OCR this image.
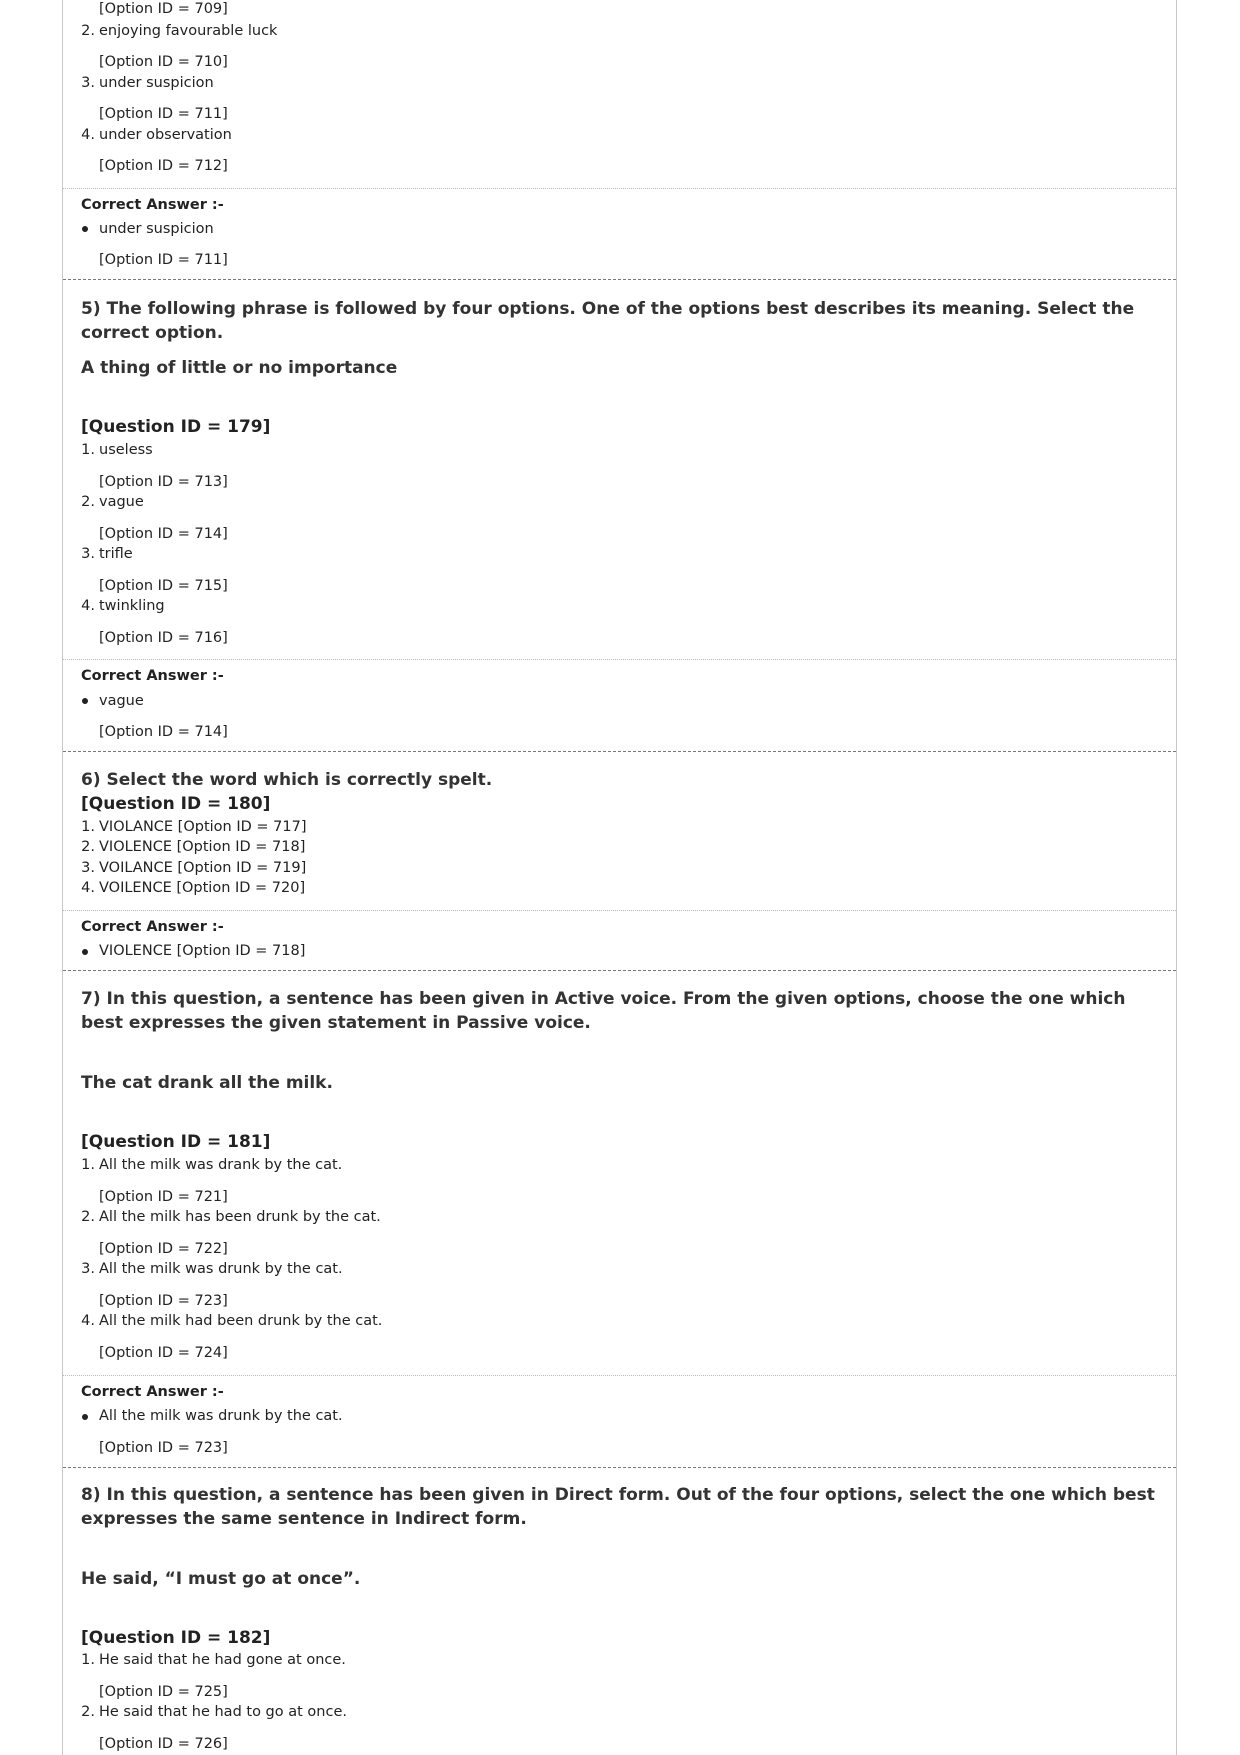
[Option ID = 709]
2. enjoying favourable luck
[Option ID = 710]
3. under suspicion
[Option ID = 711]
4. under observation
[Option ID = 712]
Correct Answer :-
under suspicion
[Option ID = 711]
5) The following phrase is followed by four options. One of the options best describes its meaning. Select the correct option.
A thing of little or no importance
[Question ID = 179]
1. useless
[Option ID = 713]
2. vague
[Option ID = 714]
3. trifle
[Option ID = 715]
4. twinkling
[Option ID = 716]
Correct Answer :-
vague
[Option ID = 714]
6) Select the word which is correctly spelt.
[Question ID = 180]
1. VIOLANCE [Option ID = 717]
2. VIOLENCE [Option ID = 718]
3. VOILANCE [Option ID = 719]
4. VOILENCE [Option ID = 720]
Correct Answer :-
VIOLENCE [Option ID = 718]
7) In this question, a sentence has been given in Active voice. From the given options, choose the one which best expresses the given statement in Passive voice.
The cat drank all the milk.
[Question ID = 181]
1. All the milk was drank by the cat.
[Option ID = 721]
2. All the milk has been drunk by the cat.
[Option ID = 722]
3. All the milk was drunk by the cat.
[Option ID = 723]
4. All the milk had been drunk by the cat.
[Option ID = 724]
Correct Answer :-
All the milk was drunk by the cat.
[Option ID = 723]
8) In this question, a sentence has been given in Direct form. Out of the four options, select the one which best expresses the same sentence in Indirect form.
He said, “I must go at once”.
[Question ID = 182]
1. He said that he had gone at once.
[Option ID = 725]
2. He said that he had to go at once.
[Option ID = 726]
